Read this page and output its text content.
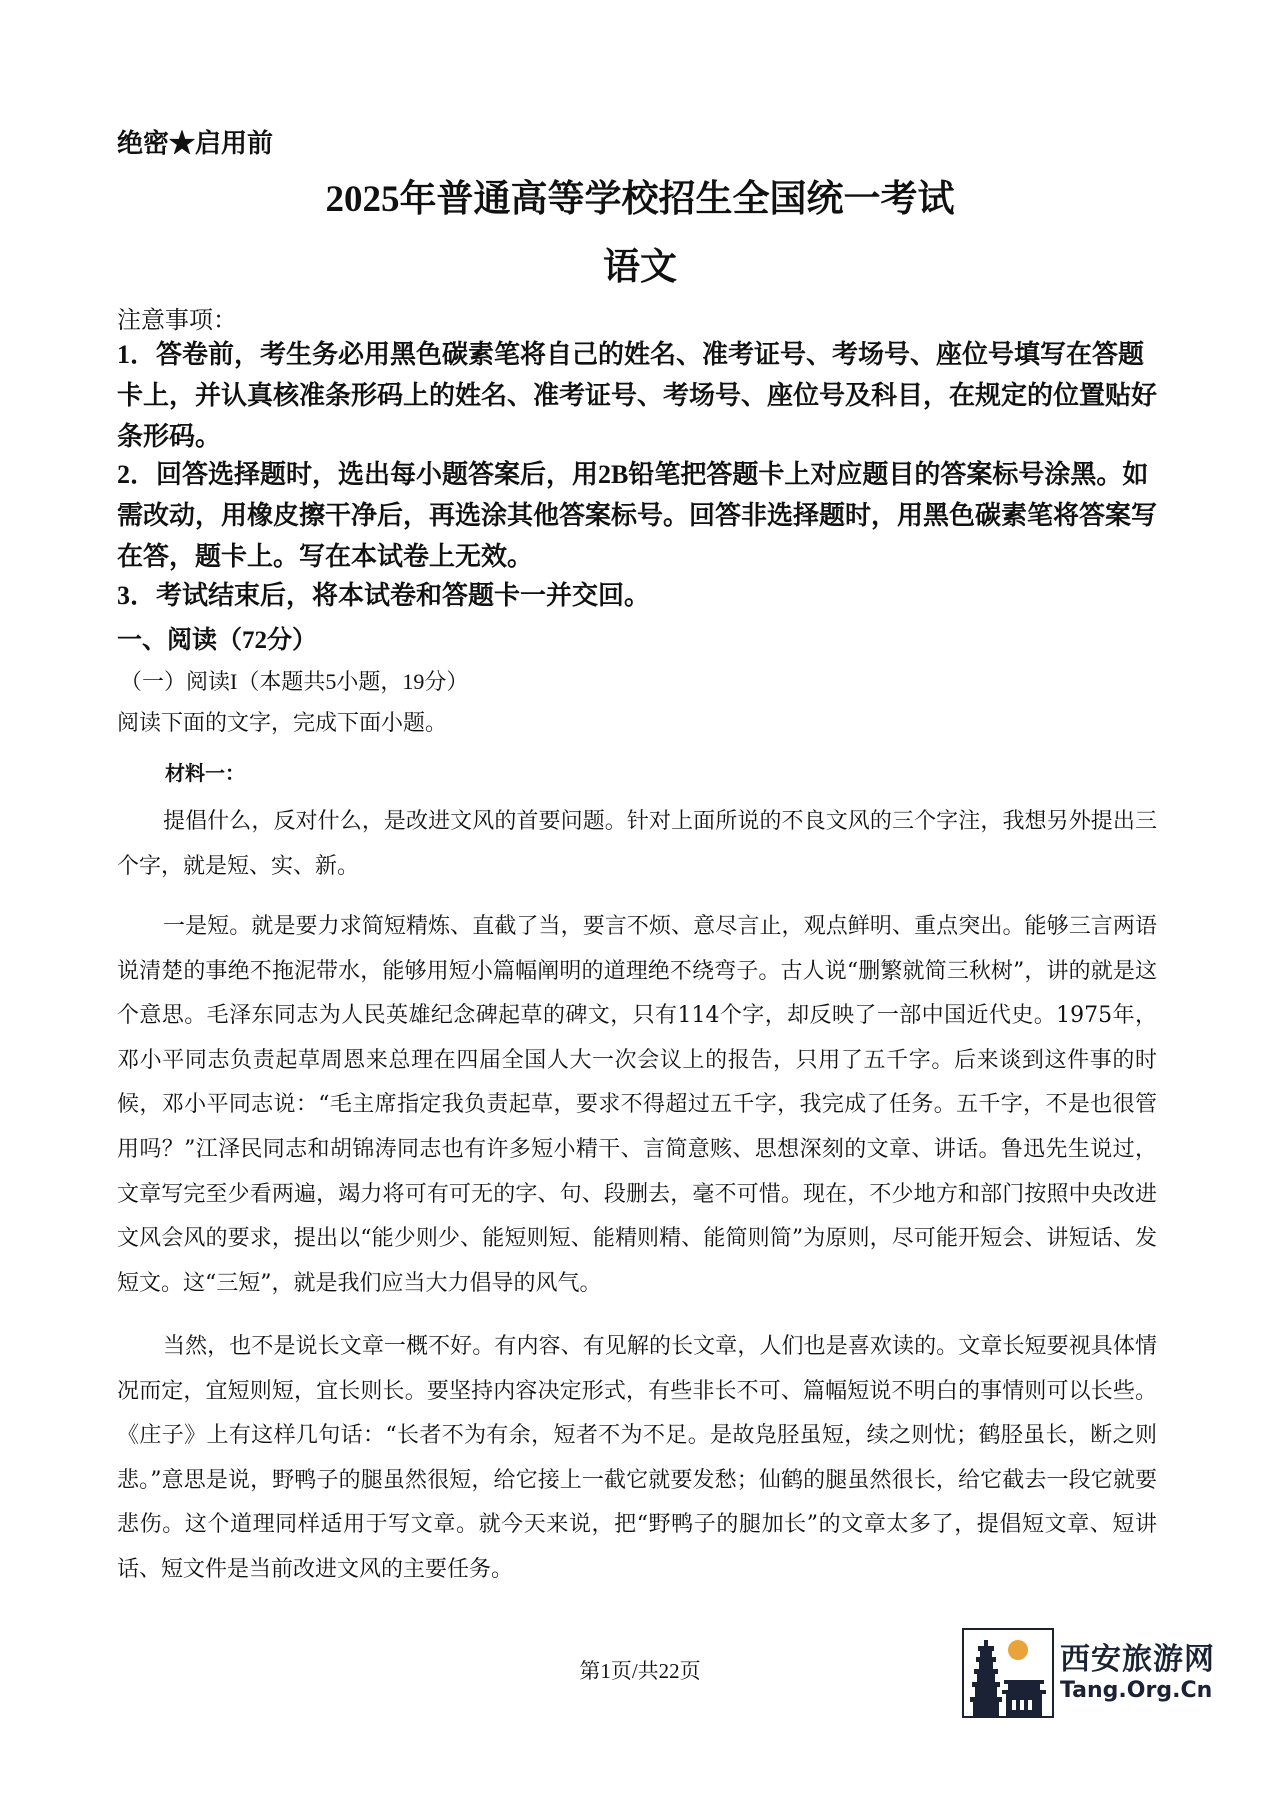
绝密★启用前
2025年普通高等学校招生全国统一考试
语文
注意事项：
1．答卷前，考生务必用黑色碳素笔将自己的姓名、准考证号、考场号、座位号填写在答题卡上，并认真核准条形码上的姓名、准考证号、考场号、座位号及科目，在规定的位置贴好条形码。
2．回答选择题时，选出每小题答案后，用2B铅笔把答题卡上对应题目的答案标号涂黑。如需改动，用橡皮擦干净后，再选涂其他答案标号。回答非选择题时，用黑色碳素笔将答案写在答，题卡上。写在本试卷上无效。
3．考试结束后，将本试卷和答题卡一并交回。
一、阅读（72分）
（一）阅读I（本题共5小题，19分）
阅读下面的文字，完成下面小题。
材料一：
提倡什么，反对什么，是改进文风的首要问题。针对上面所说的不良文风的三个字注，我想另外提出三个字，就是短、实、新。
一是短。就是要力求简短精炼、直截了当，要言不烦、意尽言止，观点鲜明、重点突出。能够三言两语说清楚的事绝不拖泥带水，能够用短小篇幅阐明的道理绝不绕弯子。古人说“删繁就简三秋树”，讲的就是这个意思。毛泽东同志为人民英雄纪念碑起草的碑文，只有114个字，却反映了一部中国近代史。1975年，邓小平同志负责起草周恩来总理在四届全国人大一次会议上的报告，只用了五千字。后来谈到这件事的时候，邓小平同志说：“毛主席指定我负责起草，要求不得超过五千字，我完成了任务。五千字，不是也很管用吗？”江泽民同志和胡锦涛同志也有许多短小精干、言简意赅、思想深刻的文章、讲话。鲁迅先生说过，文章写完至少看两遍，竭力将可有可无的字、句、段删去，毫不可惜。现在，不少地方和部门按照中央改进文风会风的要求，提出以“能少则少、能短则短、能精则精、能简则简”为原则，尽可能开短会、讲短话、发短文。这“三短”，就是我们应当大力倡导的风气。
当然，也不是说长文章一概不好。有内容、有见解的长文章，人们也是喜欢读的。文章长短要视具体情况而定，宜短则短，宜长则长。要坚持内容决定形式，有些非长不可、篇幅短说不明白的事情则可以长些。《庄子》上有这样几句话：“长者不为有余，短者不为不足。是故凫胫虽短，续之则忧；鹤胫虽长，断之则悲。”意思是说，野鸭子的腿虽然很短，给它接上一截它就要发愁；仙鹤的腿虽然很长，给它截去一段它就要悲伤。这个道理同样适用于写文章。就今天来说，把“野鸭子的腿加长”的文章太多了，提倡短文章、短讲话、短文件是当前改进文风的主要任务。
第1页/共22页	西安旅游网
Tang.Org.Cn
